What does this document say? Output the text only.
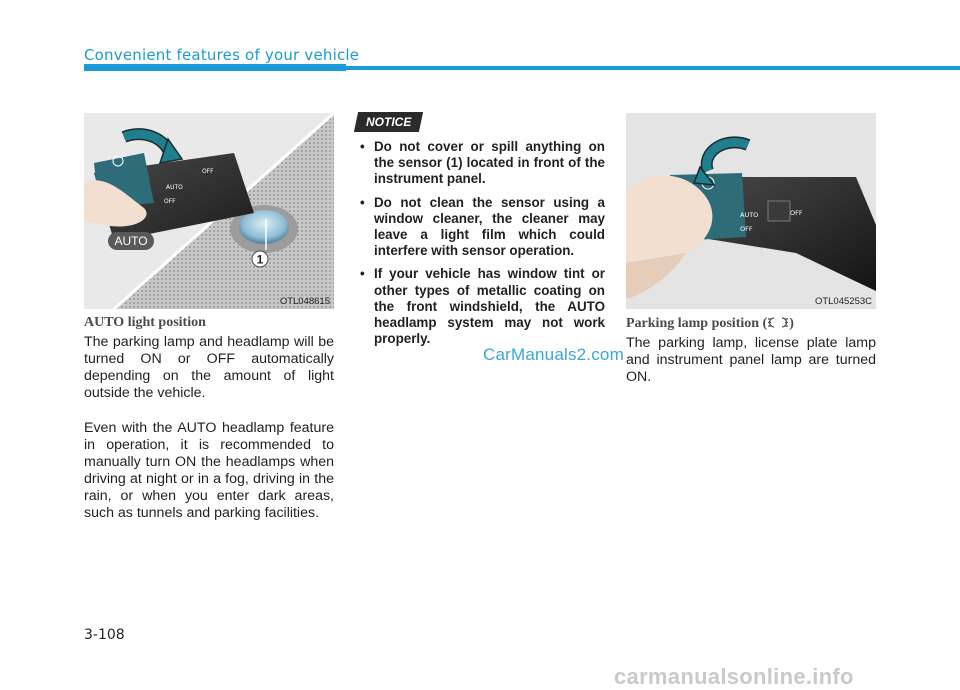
Convenient features of your vehicle
AUTO
OFF
OFF
AUTO
1
OTL048615
AUTO light position

The parking lamp and headlamp will be turned ON or OFF automatically depending on the amount of light outside the vehicle.

Even with the AUTO headlamp feature in operation, it is recommended to manually turn ON the headlamps when driving at night or in a fog, driving in the rain, or when you enter dark areas, such as tunnels and parking facilities.

NOTICE
• Do not cover or spill anything on the sensor (1) located in front of the instrument panel.
• Do not clean the sensor using a window cleaner, the cleaner may leave a light film which could interfere with sensor operation.
• If your vehicle has window tint or other types of metallic coating on the front windshield, the AUTO headlamp system may not work properly.
CarManuals2.com
AUTO
OFF
OFF
OTL045253C
Parking lamp position ( )

The parking lamp, license plate lamp and instrument panel lamp are turned ON.

3-108
carmanualsonline.info
